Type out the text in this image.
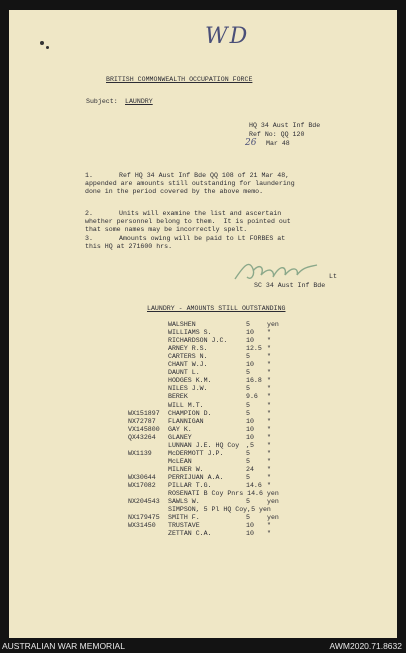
WD
BRITISH COMMONWEALTH OCCUPATION FORCE
Subject: LAUNDRY
HQ 34 Aust Inf Bde
Ref No: QQ 120
26 Mar 48
1.	Ref HQ 34 Aust Inf Bde QQ 108 of 21 Mar 48,
appended are amounts still outstanding for laundering
done in the period covered by the above memo.
2.	Units will examine the list and ascertain
whether personnel belong to them.  It is pointed out
that some names may be incorrectly spelt.
3.	Amounts owing will be paid to Lt FORBES at
this HQ at 271600 hrs.
Lt
SC 34 Aust Inf Bde
LAUNDRY - AMOUNTS STILL OUTSTANDING
WALSHEN	5	yen
WILLIAMS S.	10 "
RICHARDSON J.C.	10 "
ARNEY R.S.	12.5 "
CARTERS N.	5	"
CHANT W.J.	10 "
DAUNT L.	5	"
HODGES K.M.	16.8 "
NILES J.W.	5	"
BEREK	9.6 "
WILL M.T.	5	"
WX151897 CHAMPION D.	5	"
NX72787 FLANNIGAN	10 "
VX145800 GAY K.	10 "
QX43264 GLANEY	10 "
LUNNAN J.E. HQ Coy ,5 "
WX1139 McDERMOTT J.P.	5	"
McLEAN	5	"
MILNER W.	24 "
WX30644 PERRIJUAN A.A.	5	"
WX17082 PILLAR T.G.	14.6 "
ROSENATI B Coy Pnrs 14.6 yen
NX204543 SAWLS W.	5	yen
SIMPSON, 5 Pl HQ Coy,5 yen
NX179475 SMITH F.	5	yen
WX31450 TRUSTAVE	10 "
ZETTAN C.A.	10 "
AUSTRALIAN WAR MEMORIAL	AWM2020.71.8632
